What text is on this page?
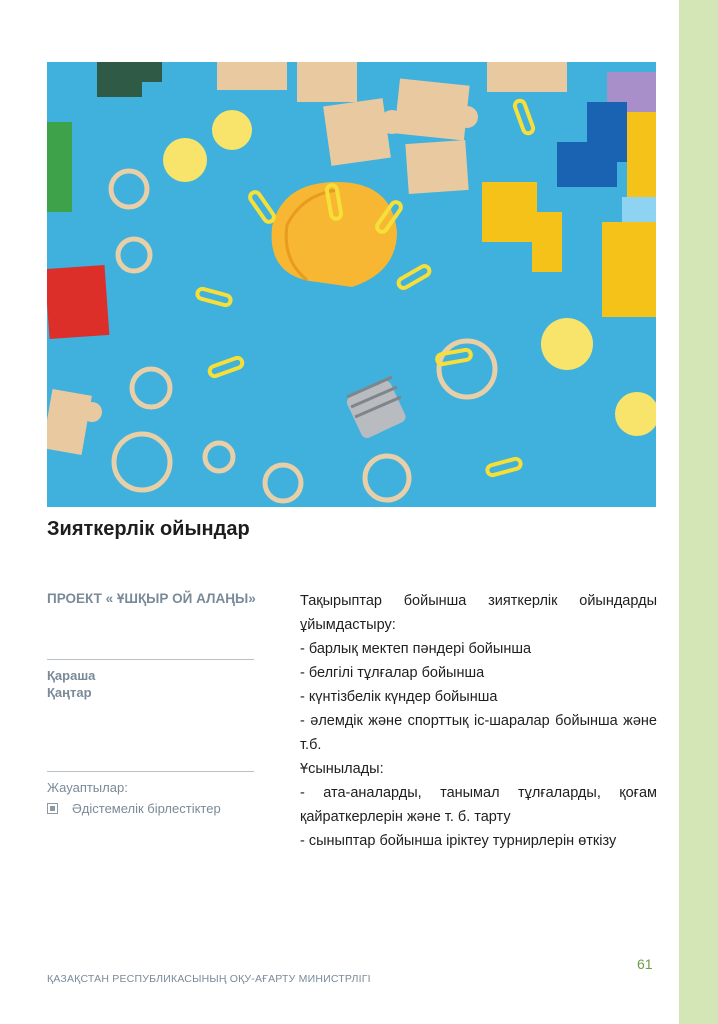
Зияткерлік ойындар
ПРОЕКТ « ҰШҚЫР ОЙ АЛАҢЫ»
Қараша
Қаңтар
Жауаптылар:
Әдістемелік бірлестіктер

Тақырыптар бойынша зияткерлік ойындарды ұйымдастыру:

- барлық мектеп пәндері бойынша

- белгілі тұлғалар бойынша

- күнтізбелік күндер бойынша

- әлемдік және спорттық іс-шаралар бойынша және т.б.

Ұсынылады:

- ата-аналарды, танымал тұлғаларды, қоғам қайраткерлерін және т. б. тарту

- сыныптар бойынша іріктеу турнирлерін өткізу

61
ҚАЗАҚСТАН РЕСПУБЛИКАСЫНЫҢ ОҚУ-АҒАРТУ МИНИСТРЛІГІ
